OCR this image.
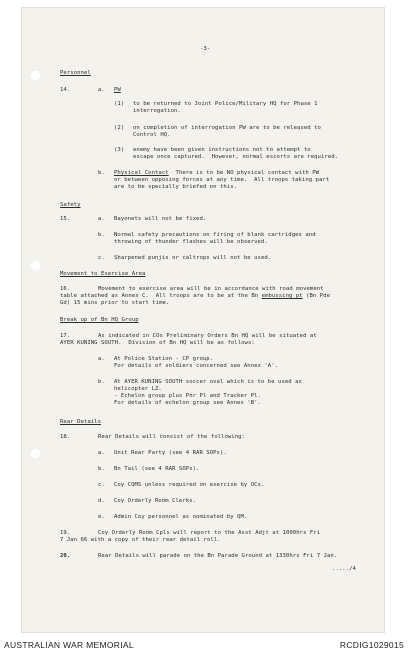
-3-
Personnel
14.	a. PW
(1) to be returned to Joint Police/Military HQ for Phase 1
interrogation.
(2) on completion of interrogation PW are to be released to
Control HQ.
(3) enemy have been given instructions not to attempt to
escape once captured.  However, normal escorts are required.
b. Physical Contact There is to be NO physical contact with PW
or between opposing forces at any time.  All troops taking part
are to be specially briefed on this.
Safety
15.	a. Bayonets will not be fixed.
b. Normal safety precautions on firing of blank cartridges and
throwing of thunder flashes will be observed.
c. Sharpened punjis or caltrops will not be used.
Movement to Exercise Area
16.	Movement to exercise area will be in accordance with road movement
table attached as Annex C.  All troops are to be at the Bn embussing pt (Bn Pde
Gd) 15 mins prior to start time.
Break up of Bn HQ Group
17.	As indicated in COs Preliminary Orders Bn HQ will be situated at
AYER KUNING SOUTH.  Division of Bn HQ will be as follows:
a. At Police Station - CP group.
For details of soldiers concerned see Annex 'A'.
b. At AYER KUNING SOUTH soccer oval which is to be used as
helicopter LZ.
- Echelon group plus Pnr Pl and Tracker Pl.
For details of echelon group see Annex 'B'.
Rear Details
18.	Rear Details will consist of the following:
a. Unit Rear Party (see 4 RAR SOPs).
b. Bn Tail (see 4 RAR SOPs).
c. Coy CQMS unless required on exercise by OCs.
d. Coy Orderly Room Clerks.
e. Admin Coy personnel as nominated by QM.
19.	Coy Orderly Room Cpls will report to the Asst Adjt at 1000hrs Fri
7 Jan 66 with a copy of their rear detail roll.
20.	Rear Details will parade on the Bn Parade Ground at 1330hrs Fri 7 Jan.
...../4
AUSTRALIAN WAR MEMORIAL	RCDIG1029015
